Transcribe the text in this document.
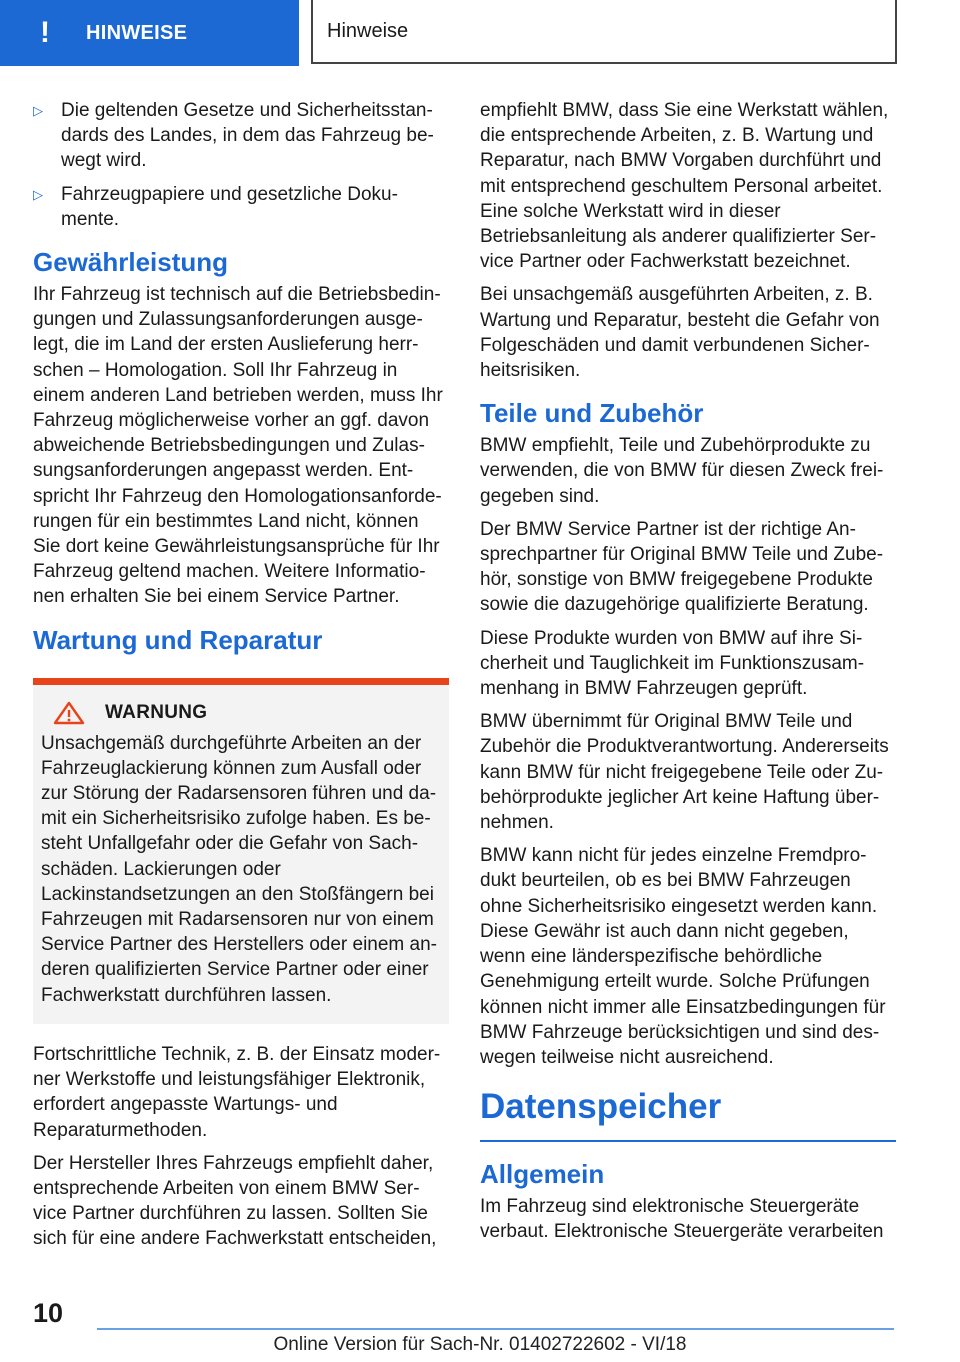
!	HINWEISE	Hinweise
▷ Die geltenden Gesetze und Sicherheitsstan-dards des Landes, in dem das Fahrzeug be-wegt wird.
▷ Fahrzeugpapiere und gesetzliche Doku-mente.
Gewährleistung

Ihr Fahrzeug ist technisch auf die Betriebsbedin-gungen und Zulassungsanforderungen ausge-legt, die im Land der ersten Auslieferung herr-schen – Homologation. Soll Ihr Fahrzeug in einem anderen Land betrieben werden, muss Ihr Fahrzeug möglicherweise vorher an ggf. davon abweichende Betriebsbedingungen und Zulas-sungsanforderungen angepasst werden. Ent-spricht Ihr Fahrzeug den Homologationsanforde-rungen für ein bestimmtes Land nicht, können Sie dort keine Gewährleistungsansprüche für Ihr Fahrzeug geltend machen. Weitere Informatio-nen erhalten Sie bei einem Service Partner.

Wartung und Reparatur
WARNUNG

Unsachgemäß durchgeführte Arbeiten an der Fahrzeuglackierung können zum Ausfall oder zur Störung der Radarsensoren führen und da-mit ein Sicherheitsrisiko zufolge haben. Es be-steht Unfallgefahr oder die Gefahr von Sach-schäden. Lackierungen oder Lackinstandsetzungen an den Stoßfängern bei Fahrzeugen mit Radarsensoren nur von einem Service Partner des Herstellers oder einem an-deren qualifizierten Service Partner oder einer Fachwerkstatt durchführen lassen.

Fortschrittliche Technik, z. B. der Einsatz moder-ner Werkstoffe und leistungsfähiger Elektronik, erfordert angepasste Wartungs- und Reparaturmethoden.

Der Hersteller Ihres Fahrzeugs empfiehlt daher, entsprechende Arbeiten von einem BMW Ser-vice Partner durchführen zu lassen. Sollten Sie sich für eine andere Fachwerkstatt entscheiden,

empfiehlt BMW, dass Sie eine Werkstatt wählen, die entsprechende Arbeiten, z. B. Wartung und Reparatur, nach BMW Vorgaben durchführt und mit entsprechend geschultem Personal arbeitet. Eine solche Werkstatt wird in dieser Betriebsanleitung als anderer qualifizierter Ser-vice Partner oder Fachwerkstatt bezeichnet.

Bei unsachgemäß ausgeführten Arbeiten, z. B. Wartung und Reparatur, besteht die Gefahr von Folgeschäden und damit verbundenen Sicher-heitsrisiken.

Teile und Zubehör

BMW empfiehlt, Teile und Zubehörprodukte zu verwenden, die von BMW für diesen Zweck frei-gegeben sind.

Der BMW Service Partner ist der richtige An-sprechpartner für Original BMW Teile und Zube-hör, sonstige von BMW freigegebene Produkte sowie die dazugehörige qualifizierte Beratung.

Diese Produkte wurden von BMW auf ihre Si-cherheit und Tauglichkeit im Funktionszusam-menhang in BMW Fahrzeugen geprüft.

BMW übernimmt für Original BMW Teile und Zubehör die Produktverantwortung. Andererseits kann BMW für nicht freigegebene Teile oder Zu-behörprodukte jeglicher Art keine Haftung über-nehmen.

BMW kann nicht für jedes einzelne Fremdpro-dukt beurteilen, ob es bei BMW Fahrzeugen ohne Sicherheitsrisiko eingesetzt werden kann. Diese Gewähr ist auch dann nicht gegeben, wenn eine länderspezifische behördliche Genehmigung erteilt wurde. Solche Prüfungen können nicht immer alle Einsatzbedingungen für BMW Fahrzeuge berücksichtigen und sind des-wegen teilweise nicht ausreichend.

Datenspeicher
Allgemein

Im Fahrzeug sind elektronische Steuergeräte verbaut. Elektronische Steuergeräte verarbeiten

10
Online Version für Sach-Nr. 01402722602 - VI/18
